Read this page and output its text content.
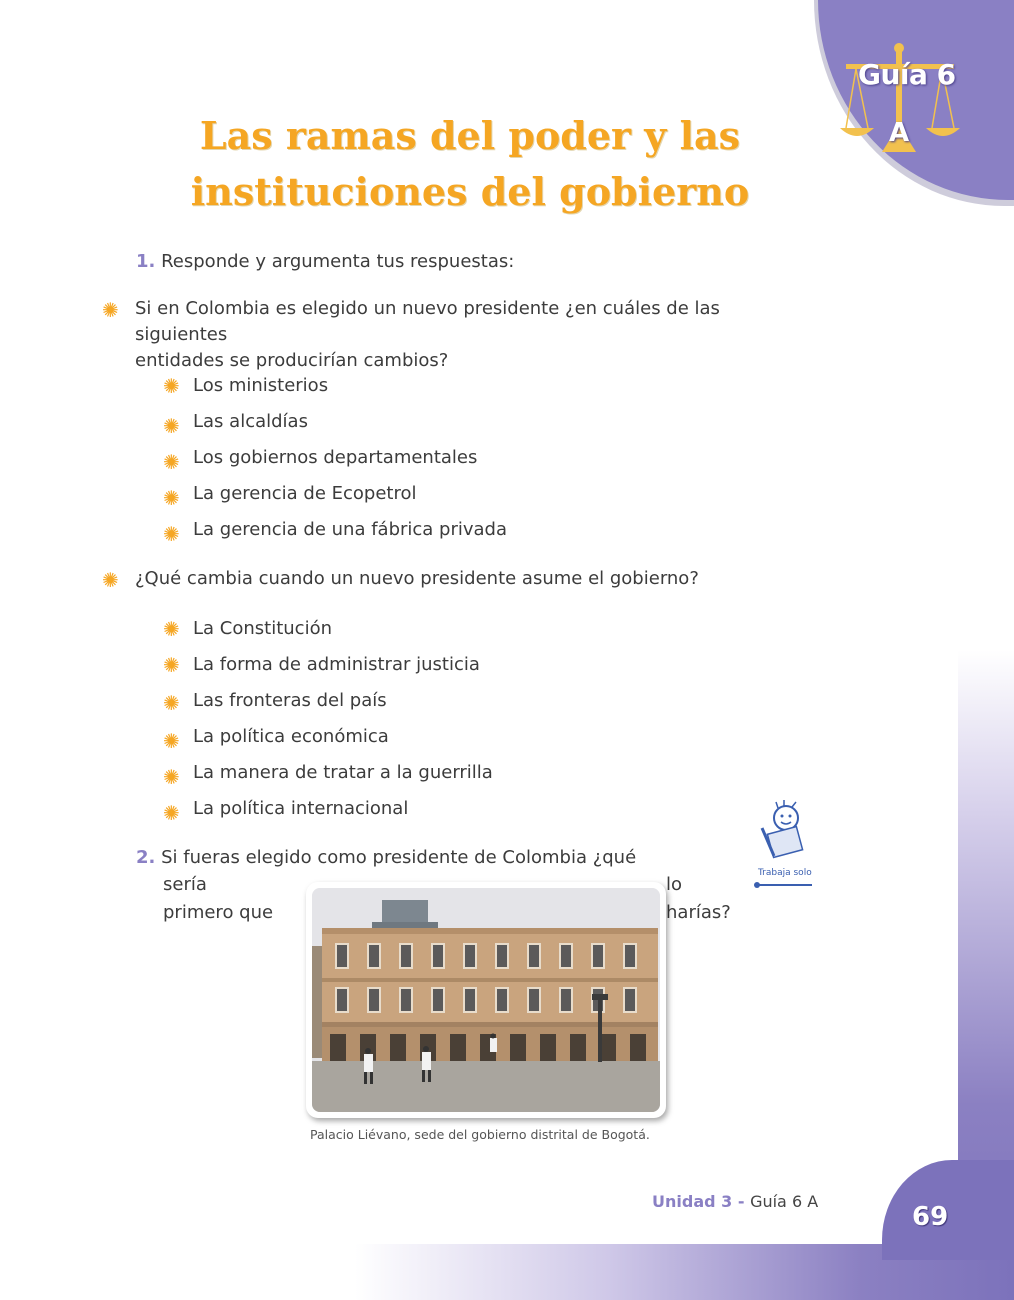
Guía 6
A
Las ramas del poder y las
instituciones del gobierno
1. Responde y argumenta tus respuestas:
✺ Si en Colombia es elegido un nuevo presidente ¿en cuáles de las siguientes
entidades se producirían cambios?
✺ Los ministerios
✺ Las alcaldías
✺ Los gobiernos departamentales
✺ La gerencia de Ecopetrol
✺ La gerencia de una fábrica privada
✺ ¿Qué cambia cuando un nuevo presidente asume el gobierno?
✺ La Constitución
✺ La forma de administrar justicia
✺ Las fronteras del país
✺ La política económica
✺ La manera de tratar a la guerrilla
✺ La política internacional
2. Si fueras elegido como presidente de Colombia ¿qué
sería	lo
primero que	harías?
Trabaja solo
Palacio Liévano, sede del gobierno distrital de Bogotá.
Unidad 3 - Guía 6 A
69
